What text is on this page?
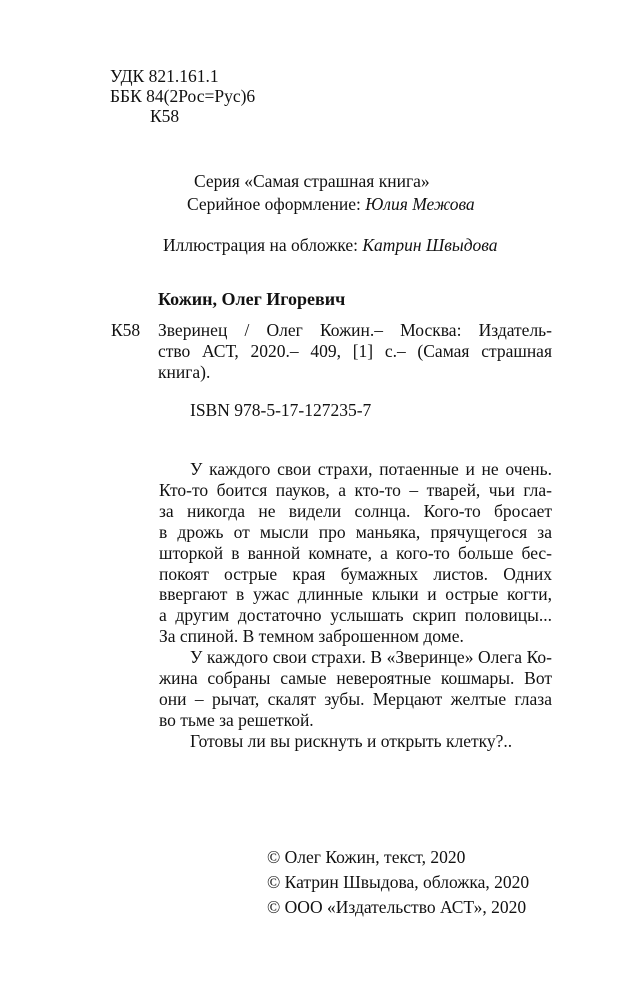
УДК 821.161.1
ББК 84(2Рос=Рус)6
К58
Серия «Самая страшная книга»
Серийное оформление: Юлия Межова
Иллюстрация на обложке: Катрин Швыдова
Кожин, Олег Игоревич
К58 Зверинец / Олег Кожин.– Москва: Издатель-
ство АСТ, 2020.– 409, [1] с.– (Самая страшная
книга).
ISBN 978-5-17-127235-7
У каждого свои страхи, потаенные и не очень.
Кто-то боится пауков, а кто-то – тварей, чьи гла-
за никогда не видели солнца. Кого-то бросает
в дрожь от мысли про маньяка, прячущегося за
шторкой в ванной комнате, а кого-то больше бес-
покоят острые края бумажных листов. Одних
ввергают в ужас длинные клыки и острые когти,
а другим достаточно услышать скрип половицы...
За спиной. В темном заброшенном доме.
У каждого свои страхи. В «Зверинце» Олега Ко-
жина собраны самые невероятные кошмары. Вот
они – рычат, скалят зубы. Мерцают желтые глаза
во тьме за решеткой.
Готовы ли вы рискнуть и открыть клетку?..
© Олег Кожин, текст, 2020
© Катрин Швыдова, обложка, 2020
© ООО «Издательство АСТ», 2020
